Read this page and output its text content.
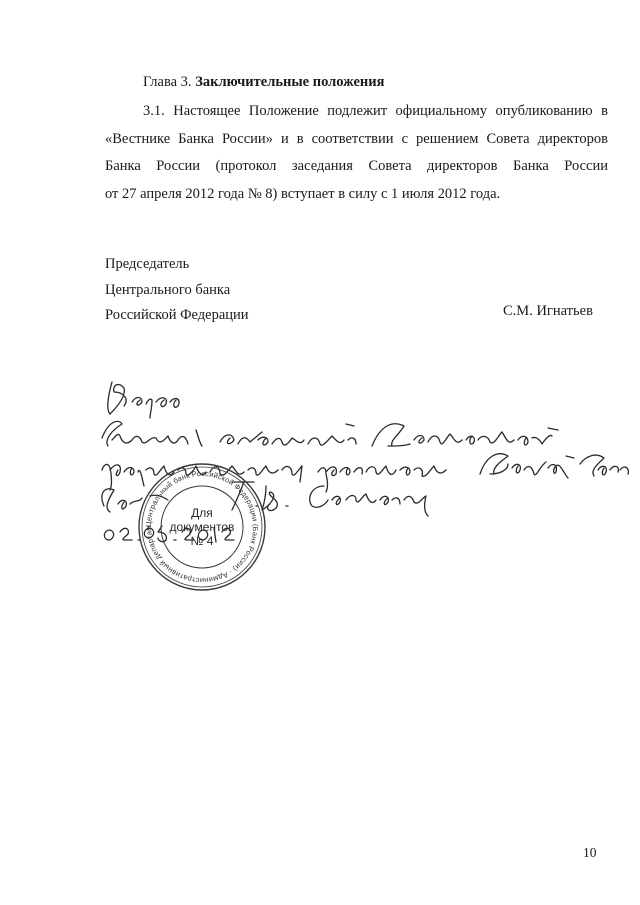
Глава 3. Заключительные положения
3.1. Настоящее Положение подлежит официальному опубликованию в
«Вестнике Банка России» и в соответствии с решением Совета директоров
Банка России (протокол заседания Совета директоров Банка России
от 27 апреля 2012 года № 8) вступает в силу с 1 июля 2012 года.
Председатель
Центрального банка
Российской Федерации	С.М. Игнатьев
Центральный банк Российской Федерации (Банк России) · Административный департам
Для
документов
№ 4
10
